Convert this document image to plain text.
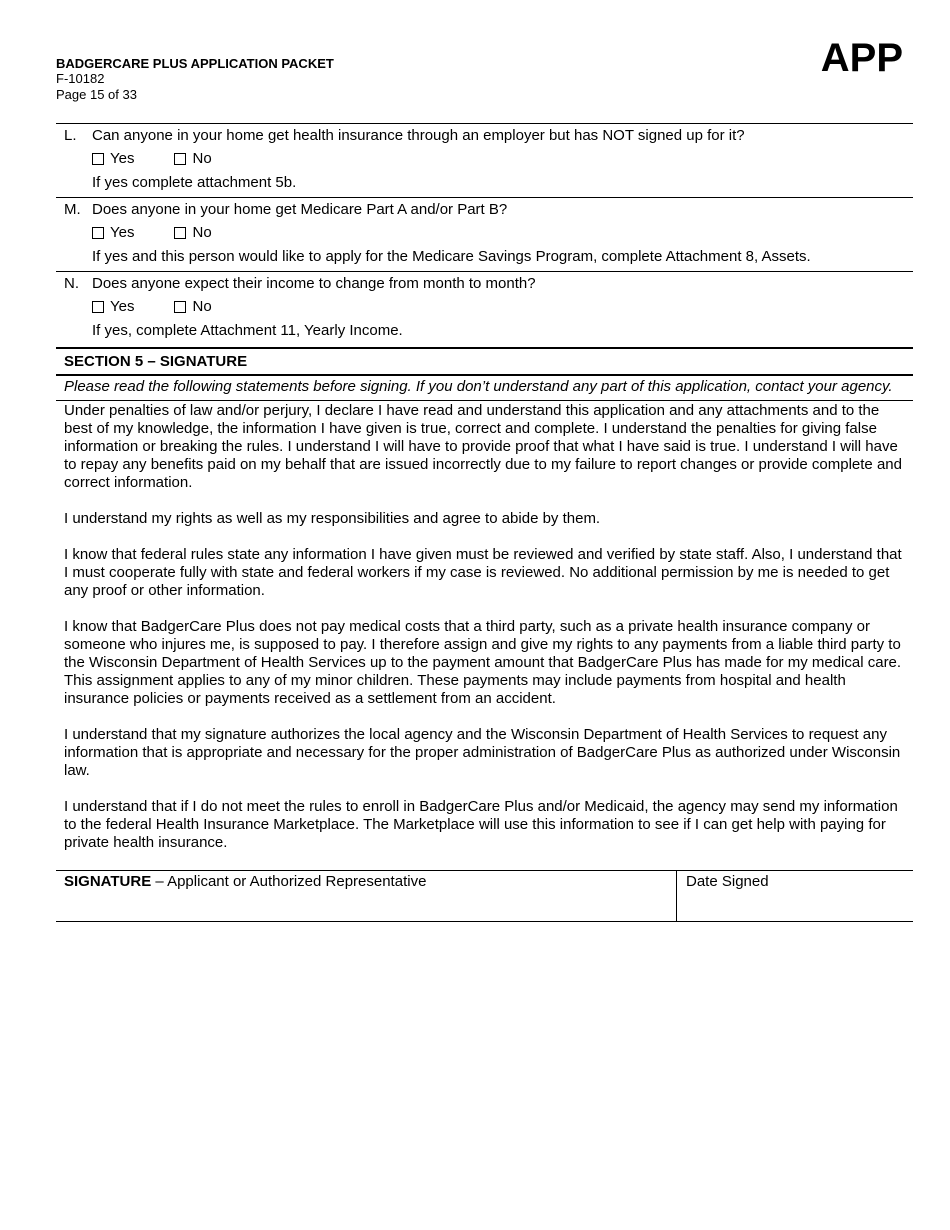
BADGERCARE PLUS APPLICATION PACKET
F-10182
Page 15 of 33
APP
L.	Can anyone in your home get health insurance through an employer but has NOT signed up for it?
Yes	No
If yes complete attachment 5b.
M. Does anyone in your home get Medicare Part A and/or Part B?
Yes	No
If yes and this person would like to apply for the Medicare Savings Program, complete Attachment 8, Assets.
N. Does anyone expect their income to change from month to month?
Yes	No
If yes, complete Attachment 11, Yearly Income.
SECTION 5 – SIGNATURE
Please read the following statements before signing. If you don’t understand any part of this application, contact your agency.

Under penalties of law and/or perjury, I declare I have read and understand this application and any attachments and to the best of my knowledge, the information I have given is true, correct and complete. I understand the penalties for giving false information or breaking the rules. I understand I will have to provide proof that what I have said is true. I understand I will have to repay any benefits paid on my behalf that are issued incorrectly due to my failure to report changes or provide complete and correct information.

I understand my rights as well as my responsibilities and agree to abide by them.

I know that federal rules state any information I have given must be reviewed and verified by state staff. Also, I understand that I must cooperate fully with state and federal workers if my case is reviewed. No additional permission by me is needed to get any proof or other information.

I know that BadgerCare Plus does not pay medical costs that a third party, such as a private health insurance company or someone who injures me, is supposed to pay. I therefore assign and give my rights to any payments from a liable third party to the Wisconsin Department of Health Services up to the payment amount that BadgerCare Plus has made for my medical care. This assignment applies to any of my minor children. These payments may include payments from hospital and health insurance policies or payments received as a settlement from an accident.

I understand that my signature authorizes the local agency and the Wisconsin Department of Health Services to request any information that is appropriate and necessary for the proper administration of BadgerCare Plus as authorized under Wisconsin law.

I understand that if I do not meet the rules to enroll in BadgerCare Plus and/or Medicaid, the agency may send my information to the federal Health Insurance Marketplace. The Marketplace will use this information to see if I can get help with paying for private health insurance.

SIGNATURE – Applicant or Authorized Representative	Date Signed
